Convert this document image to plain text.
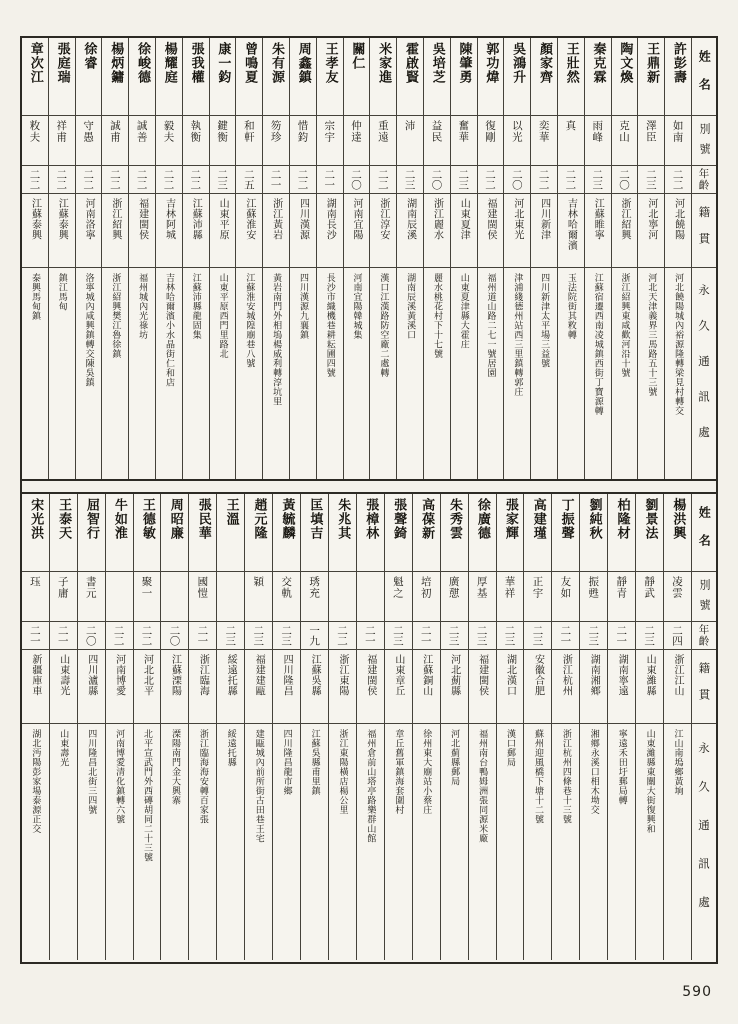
姓名
別號
年齡
籍貫
永久通訊處
許彭壽
如南
二二
河北饒陽
河北饒陽城內裕源隆轉梁見村轉交
王鼎新
澤臣
二三
河北寧河
河北天津義界三馬路五十三號
陶文煥
克山
二〇
浙江紹興
浙江紹興東咸歡河沿十號
秦克霖
雨峰
二三
江蘇睢寧
江蘇宿遷西南凌城鎮西街丁寶源轉
王壯然
真
二二
吉林哈爾濱
玉法院街其敉轉
顏家齊
奕華
二二
四川新津
四川新津太平場三益號
吳鴻升
以光
二〇
河北東光
津浦綫德州站西三里鎮轉郭庄
郭功煒
復剛
二二
福建閩侯
福州道山路二七一號居園
陳肇勇
奮華
二三
山東夏津
山東夏津縣大霍庄
吳培芝
益民
二〇
浙江麗水
麗水桃花村下十七號
霍啟賢
沛
二三
湖南辰溪
湖南辰溪黃溪口
米家進
重遠
二二
浙江淳安
漢口江漢路防空廠二處轉
關仁
仲達
二〇
河南宜陽
河南宜陽韓城集
王孝友
宗宇
二一
湖南長沙
長沙市織機巷耕耘圃四號
周鑫鎮
惜鈞
二二
四川漢源
四川漢源九襄鎮
朱有源
笏珍
二一
浙江黃岩
黃岩南門外相塢楊威利轉淳坑里
曾鳴夏
和軒
二五
江蘇淮安
江蘇淮安城隍廟巷八號
康一鈞
鍵衡
二三
山東平原
山東平原西門里路北
張我權
執衡
二二
江蘇沛縣
江蘇沛縣龍固集
楊耀庭
毅夫
二二
吉林阿城
吉林哈爾濱小水晶街仁和店
徐峻德
誠善
二二
福建閩侯
福州城內光祿坊
楊炳鏞
誠甫
二二
浙江紹興
浙江紹興樊江魯徐鎮
徐睿
守愚
二二
河南洛寧
洛寧城內咸興鎮轉交陳吳鎮
張庭瑞
祥甫
二二
江蘇泰興
鎮江馬甸
章次江
敉夫
二二
江蘇泰興
泰興馬甸鎮
姓名
別號
年齡
籍貫
永久通訊處
楊洪興
凌雲
二四
浙江江山
江山南塢鄉黃垧
劉景法
靜武
二三
山東濰縣
山東濰縣東關大街復興和
柏隆材
靜青
二一
湖南寧遠
寧遠禾田圩郵局轉
劉純秋
振甦
二三
湖南湘鄉
湘鄉永溪口相木坳交
丁振聲
友如
二一
浙江杭州
浙江杭州四條巷十三號
高建瑾
正宇
二三
安徽合肥
蘇州迎風橋下塘十二號
張家輝
華祥
二三
湖北漢口
漢口郵局
徐廣德
厚基
二三
福建閩侯
福州南台鴨姆洲張同源米廠
朱秀雲
廣憇
二三
河北薊縣
河北薊縣郵局
高葆新
培初
二一
江蘇銅山
徐州東大廟站小蔡庄
張聲錡
魁之
二三
山東章丘
章丘舊軍鎮海套圍村
張樟林
二一
福建閩侯
福州倉前山塔亭路樂群山館
朱兆其
二二
浙江東陽
浙江東陽橫店楊公里
匡填吉
琇充
一九
江蘇吳縣
江蘇吳縣甫里鎮
黃毓麟
交軌
二三
四川隆昌
四川隆昌龍市鄉
趙元隆
穎
二三
福建建甌
建甌城內前所街古田巷王宅
王溫
二三
綏遠托縣
綏遠托縣
張民華
國愷
二一
浙江臨海
浙江臨海海安轉百家張
周昭廉
二〇
江蘇溧陽
溧陽南門金大興寨
王德敏
聚一
二二
河北北平
北平宣武門外西磚胡同二十三號
牛如淮
二二
河南博愛
河南博愛清化鎮轉六號
屈智行
書元
二〇
四川瀘縣
四川隆昌北街三四號
王泰天
子庸
二一
山東壽光
山東壽光
宋光洪
珏
二一
新疆庫車
湖北沔陽彭家場泰源正交
590
